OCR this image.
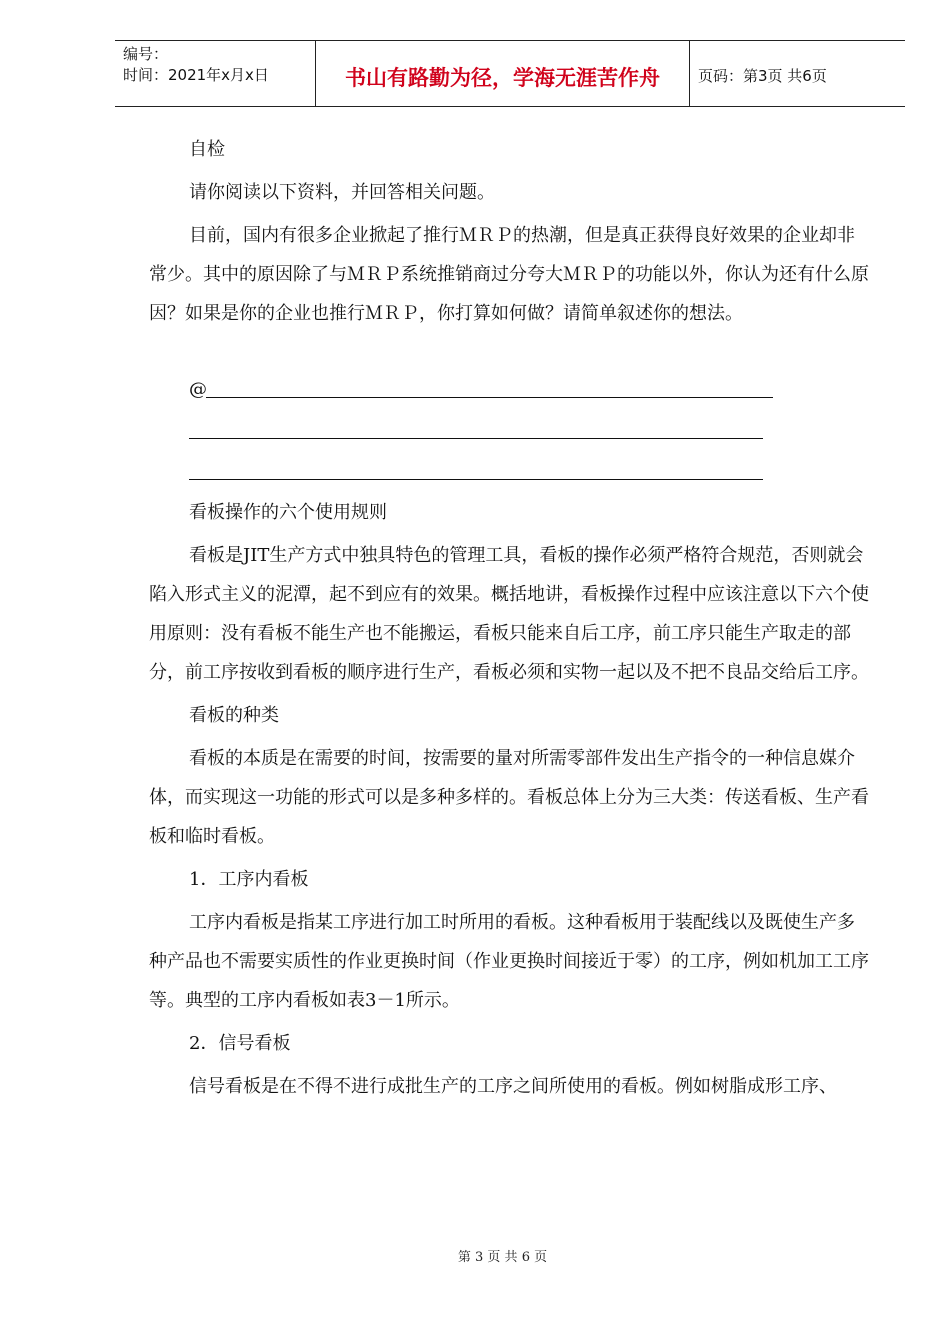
编号：
时间：2021年x月x日	书山有路勤为径，学海无涯苦作舟	页码：第3页 共6页

自检

请你阅读以下资料，并回答相关问题。

目前，国内有很多企业掀起了推行ＭＲＰ的热潮，但是真正获得良好效果的企业却非常少。其中的原因除了与ＭＲＰ系统推销商过分夸大ＭＲＰ的功能以外，你认为还有什么原因？如果是你的企业也推行ＭＲＰ，你打算如何做？请简单叙述你的想法。

@

看板操作的六个使用规则

看板是JIT生产方式中独具特色的管理工具，看板的操作必须严格符合规范，否则就会陷入形式主义的泥潭，起不到应有的效果。概括地讲，看板操作过程中应该注意以下六个使用原则：没有看板不能生产也不能搬运，看板只能来自后工序，前工序只能生产取走的部分，前工序按收到看板的顺序进行生产，看板必须和实物一起以及不把不良品交给后工序。

看板的种类

看板的本质是在需要的时间，按需要的量对所需零部件发出生产指令的一种信息媒介体，而实现这一功能的形式可以是多种多样的。看板总体上分为三大类：传送看板、生产看板和临时看板。

1．工序内看板

工序内看板是指某工序进行加工时所用的看板。这种看板用于装配线以及既使生产多种产品也不需要实质性的作业更换时间（作业更换时间接近于零）的工序，例如机加工工序等。典型的工序内看板如表3－1所示。

2．信号看板

信号看板是在不得不进行成批生产的工序之间所使用的看板。例如树脂成形工序、

第 3 页 共 6 页
